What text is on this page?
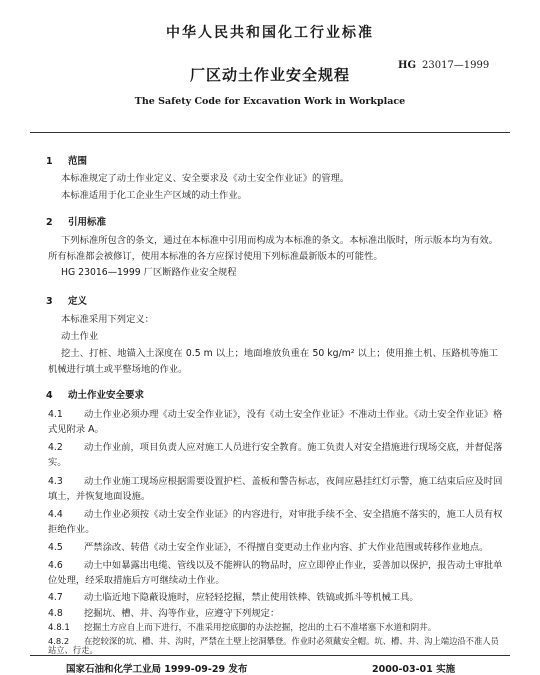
中华人民共和国化工行业标准
HG 23017—1999
厂区动土作业安全规程
The Safety Code for Excavation Work in Workplace
1 范围
本标准规定了动土作业定义、安全要求及《动土安全作业证》的管理。
本标准适用于化工企业生产区域的动土作业。
2 引用标准
下列标准所包含的条文，通过在本标准中引用而构成为本标准的条文。本标准出版时，所示版本均为有效。所有标准都会被修订，使用本标准的各方应探讨使用下列标准最新版本的可能性。
HG 23016—1999 厂区断路作业安全规程
3 定义
本标准采用下列定义：
动土作业
挖土、打桩、地锚入土深度在 0.5 m 以上；地面堆放负重在 50 kg/m² 以上；使用推土机、压路机等施工机械进行填土或平整场地的作业。
4 动土作业安全要求
4.1 动土作业必须办理《动土安全作业证》，没有《动土安全作业证》不准动土作业。《动土安全作业证》格式见附录 A。
4.2 动土作业前，项目负责人应对施工人员进行安全教育。施工负责人对安全措施进行现场交底，并督促落实。
4.3 动土作业施工现场应根据需要设置护栏、盖板和警告标志，夜间应悬挂红灯示警，施工结束后应及时回填土，并恢复地面设施。
4.4 动土作业必须按《动土安全作业证》的内容进行，对审批手续不全、安全措施不落实的，施工人员有权拒绝作业。
4.5 严禁涂改、转借《动土安全作业证》，不得擅自变更动土作业内容、扩大作业范围或转移作业地点。
4.6 动土中如暴露出电缆、管线以及不能辨认的物品时，应立即停止作业，妥善加以保护，报告动土审批单位处理，经采取措施后方可继续动土作业。
4.7 动土临近地下隐蔽设施时，应轻轻挖掘，禁止使用铁棒、铁镐或抓斗等机械工具。
4.8 挖掘坑、槽、井、沟等作业，应遵守下列规定：
4.8.1 挖掘土方应自上而下进行，不准采用挖底脚的办法挖掘，挖出的土石不准堵塞下水道和阴井。
4.8.2 在挖较深的坑、槽、井、沟时，严禁在土壁上挖洞攀登。作业时必须戴安全帽。坑、槽、井、沟上端边沿不准人员站立、行走。
国家石油和化学工业局 1999-09-29 发布	2000-03-01 实施
